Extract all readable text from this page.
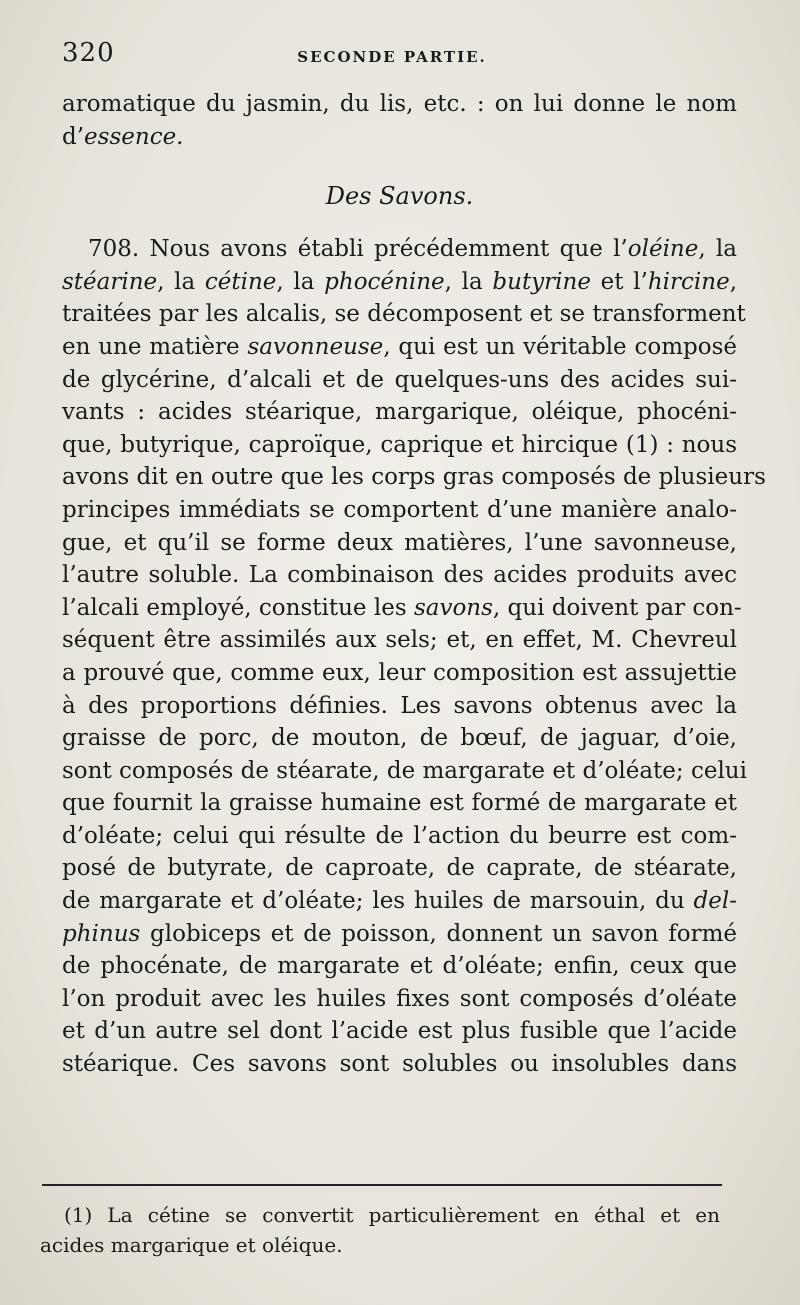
320	SECONDE PARTIE.
aromatique du jasmin, du lis, etc. : on lui donne le nom
d’essence.
Des Savons.
708. Nous avons établi précédemment que l’oléine, la
stéarine, la cétine, la phocénine, la butyrine et l’hircine,
traitées par les alcalis, se décomposent et se transforment
en une matière savonneuse, qui est un véritable composé
de glycérine, d’alcali et de quelques-uns des acides sui-
vants : acides stéarique, margarique, oléique, phocéni-
que, butyrique, caproïque, caprique et hircique (1) : nous
avons dit en outre que les corps gras composés de plusieurs
principes immédiats se comportent d’une manière analo-
gue, et qu’il se forme deux matières, l’une savonneuse,
l’autre soluble. La combinaison des acides produits avec
l’alcali employé, constitue les savons, qui doivent par con-
séquent être assimilés aux sels; et, en effet, M. Chevreul
a prouvé que, comme eux, leur composition est assujettie
à des proportions définies. Les savons obtenus avec la
graisse de porc, de mouton, de bœuf, de jaguar, d’oie,
sont composés de stéarate, de margarate et d’oléate; celui
que fournit la graisse humaine est formé de margarate et
d’oléate; celui qui résulte de l’action du beurre est com-
posé de butyrate, de caproate, de caprate, de stéarate,
de margarate et d’oléate; les huiles de marsouin, du del-
phinus globiceps et de poisson, donnent un savon formé
de phocénate, de margarate et d’oléate; enfin, ceux que
l’on produit avec les huiles fixes sont composés d’oléate
et d’un autre sel dont l’acide est plus fusible que l’acide
stéarique. Ces savons sont solubles ou insolubles dans
(1) La cétine se convertit particulièrement en éthal et en
acides margarique et oléique.
